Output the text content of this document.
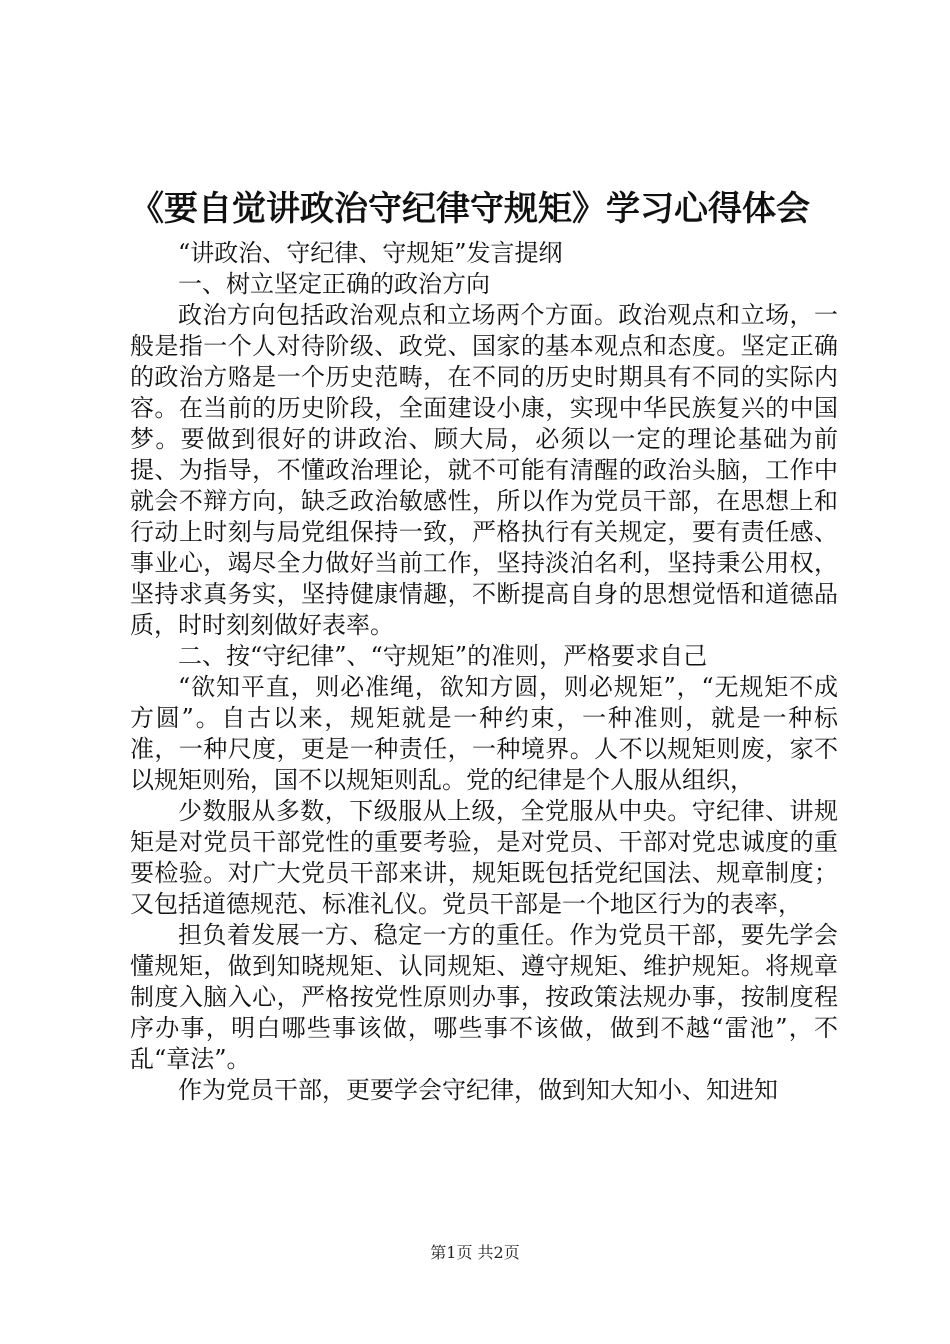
《要自觉讲政治守纪律守规矩》学习心得体会

“讲政治、守纪律、守规矩”发言提纲

一、树立坚定正确的政治方向

政治方向包括政治观点和立场两个方面。政治观点和立场，一般是指一个人对待阶级、政党、国家的基本观点和态度。坚定正确的政治方赂是一个历史范畴，在不同的历史时期具有不同的实际内容。在当前的历史阶段，全面建设小康，实现中华民族复兴的中国梦。要做到很好的讲政治、顾大局，必须以一定的理论基础为前提、为指导，不懂政治理论，就不可能有清醒的政治头脑，工作中就会不辩方向，缺乏政治敏感性，所以作为党员干部，在思想上和行动上时刻与局党组保持一致，严格执行有关规定，要有责任感、事业心，竭尽全力做好当前工作，坚持淡泊名利，坚持秉公用权，坚持求真务实，坚持健康情趣，不断提高自身的思想觉悟和道德品质，时时刻刻做好表率。

二、按“守纪律”、“守规矩”的准则，严格要求自己

“欲知平直，则必准绳，欲知方圆，则必规矩”，“无规矩不成方圆”。自古以来，规矩就是一种约束，一种准则，就是一种标准，一种尺度，更是一种责任，一种境界。人不以规矩则废，家不以规矩则殆，国不以规矩则乱。党的纪律是个人服从组织，

少数服从多数，下级服从上级，全党服从中央。守纪律、讲规矩是对党员干部党性的重要考验，是对党员、干部对党忠诚度的重要检验。对广大党员干部来讲，规矩既包括党纪国法、规章制度；又包括道德规范、标准礼仪。党员干部是一个地区行为的表率，

担负着发展一方、稳定一方的重任。作为党员干部，要先学会懂规矩，做到知晓规矩、认同规矩、遵守规矩、维护规矩。将规章制度入脑入心，严格按党性原则办事，按政策法规办事，按制度程序办事，明白哪些事该做，哪些事不该做，做到不越“雷池”，不乱“章法”。

作为党员干部，更要学会守纪律，做到知大知小、知进知

第1页 共2页
